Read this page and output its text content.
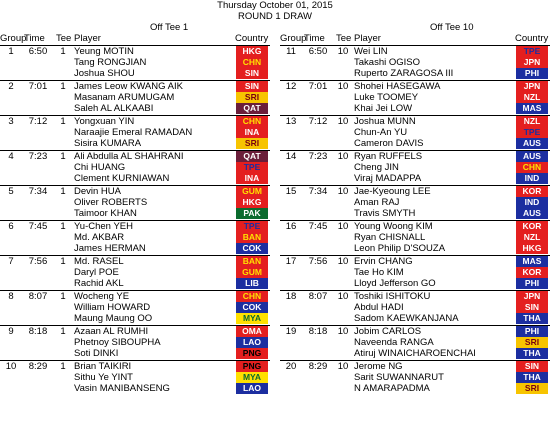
Thursday October 01, 2015
ROUND 1 DRAW
Off Tee 1
Group
Time Tee Player	Country
1	6:50	1 Yeung MOTIN	HKG
Tang RONGJIAN	CHN
Joshua SHOU	SIN
2	7:01	1 James Leow KWANG AIK	SIN
Masanam ARUMUGAM	SRI
Saleh AL ALKAABI	QAT
3	7:12	1 Yongxuan YIN	CHN
Naraajie Emeral RAMADAN	INA
Sisira KUMARA	SRI
4	7:23	1 Ali Abdulla AL SHAHRANI	QAT
Chi HUANG	TPE
Clement KURNIAWAN	INA
5	7:34	1 Devin HUA	GUM
Oliver ROBERTS	HKG
Taimoor KHAN	PAK
6	7:45	1 Yu-Chen YEH	TPE
Md. AKBAR	BAN
James HERMAN	COK
7	7:56	1 Md. RASEL	BAN
Daryl POE	GUM
Rachid AKL	LIB
8	8:07	1 Wocheng YE	CHN
William HOWARD	COK
Maung Maung OO	MYA
9	8:18	1 Azaan AL RUMHI	OMA
Phetnoy SIBOUPHA	LAO
Soti DINKI	PNG
10	8:29	1 Brian TAIKIRI	PNG
Sithu Ye YINT	MYA
Vasin MANIBANSENG	LAO
Off Tee 10
Group
Time Tee Player	Country
11	6:50	10 Wei LIN	TPE
Takashi OGISO	JPN
Ruperto ZARAGOSA III	PHI
12	7:01	10 Shohei HASEGAWA	JPN
Luke TOOMEY	NZL
Khai Jei LOW	MAS
13	7:12	10 Joshua MUNN	NZL
Chun-An YU	TPE
Cameron DAVIS	AUS
14	7:23	10 Ryan RUFFELS	AUS
Cheng JIN	CHN
Viraj MADAPPA	IND
15	7:34	10 Jae-Kyeoung LEE	KOR
Aman RAJ	IND
Travis SMYTH	AUS
16	7:45	10 Young Woong KIM	KOR
Ryan CHISNALL	NZL
Leon Philip D'SOUZA	HKG
17	7:56	10 Ervin CHANG	MAS
Tae Ho KIM	KOR
Lloyd Jefferson GO	PHI
18	8:07	10 Toshiki ISHITOKU	JPN
Abdul HADI	SIN
Sadom KAEWKANJANA	THA
19	8:18	10 Jobim CARLOS	PHI
Naveenda RANGA	SRI
Atiruj WINAICHAROENCHAI	THA
20	8:29	10 Jerome NG	SIN
Sarit SUWANNARUT	THA
N AMARAPADMA	SRI
